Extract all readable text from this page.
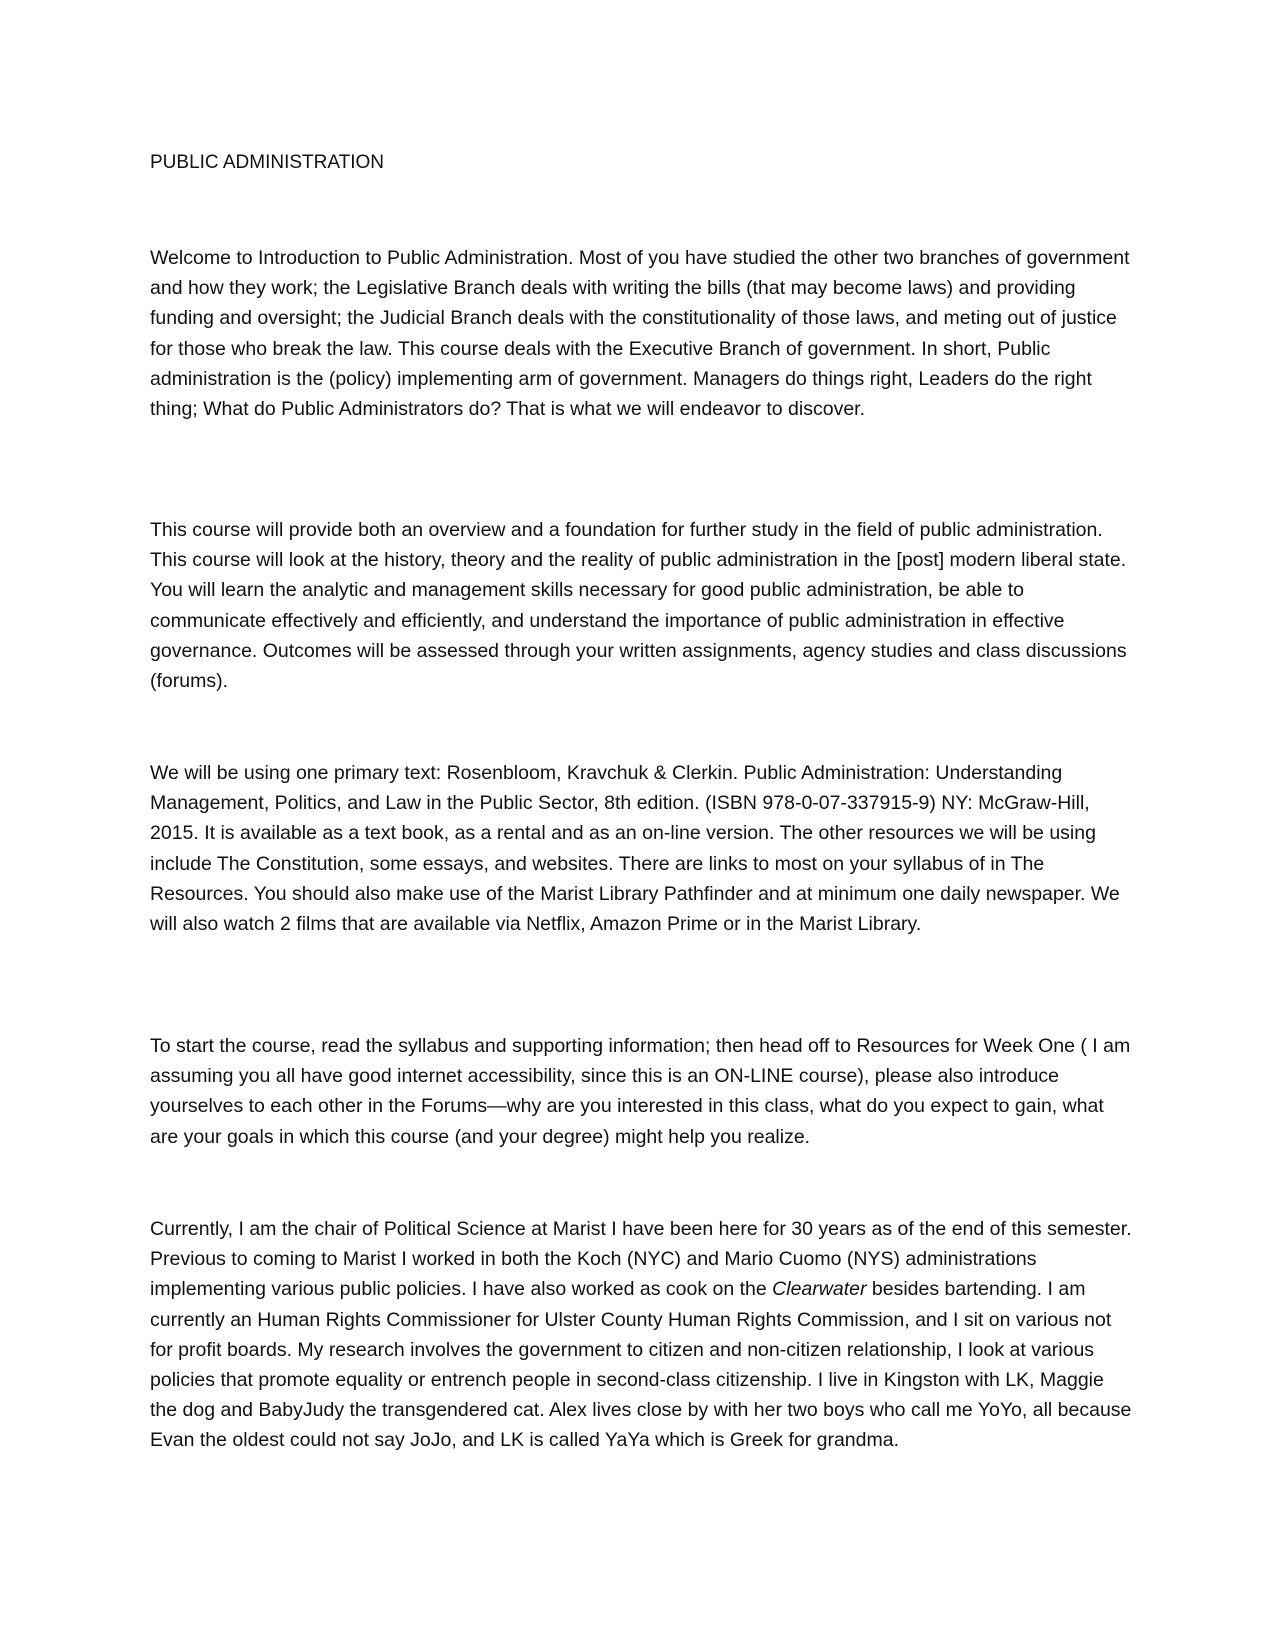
PUBLIC ADMINISTRATION

Welcome to Introduction to Public Administration. Most of you have studied the other two branches of government and how they work; the Legislative Branch deals with writing the bills (that may become laws) and providing funding and oversight; the Judicial Branch deals with the constitutionality of those laws, and meting out of justice for those who break the law. This course deals with the Executive Branch of government. In short, Public administration is the (policy) implementing arm of government. Managers do things right, Leaders do the right thing; What do Public Administrators do? That is what we will endeavor to discover.

This course will provide both an overview and a foundation for further study in the field of public administration. This course will look at the history, theory and the reality of public administration in the [post] modern liberal state. You will learn the analytic and management skills necessary for good public administration, be able to communicate effectively and efficiently, and understand the importance of public administration in effective governance. Outcomes will be assessed through your written assignments, agency studies and class discussions (forums).

We will be using one primary text: Rosenbloom, Kravchuk & Clerkin. Public Administration: Understanding Management, Politics, and Law in the Public Sector, 8th edition. (ISBN 978-0-07-337915-9) NY: McGraw-Hill, 2015. It is available as a text book, as a rental and as an on-line version. The other resources we will be using include The Constitution, some essays, and websites. There are links to most on your syllabus of in The Resources. You should also make use of the Marist Library Pathfinder and at minimum one daily newspaper. We will also watch 2 films that are available via Netflix, Amazon Prime or in the Marist Library.

To start the course, read the syllabus and supporting information; then head off to Resources for Week One ( I am assuming you all have good internet accessibility, since this is an ON-LINE course), please also introduce yourselves to each other in the Forums—why are you interested in this class, what do you expect to gain, what are your goals in which this course (and your degree) might help you realize.

Currently, I am the chair of Political Science at Marist I have been here for 30 years as of the end of this semester. Previous to coming to Marist I worked in both the Koch (NYC) and Mario Cuomo (NYS) administrations implementing various public policies. I have also worked as cook on the Clearwater besides bartending. I am currently an Human Rights Commissioner for Ulster County Human Rights Commission, and I sit on various not for profit boards. My research involves the government to citizen and non-citizen relationship, I look at various policies that promote equality or entrench people in second-class citizenship. I live in Kingston with LK, Maggie the dog and BabyJudy the transgendered cat. Alex lives close by with her two boys who call me YoYo, all because Evan the oldest could not say JoJo, and LK is called YaYa which is Greek for grandma.
